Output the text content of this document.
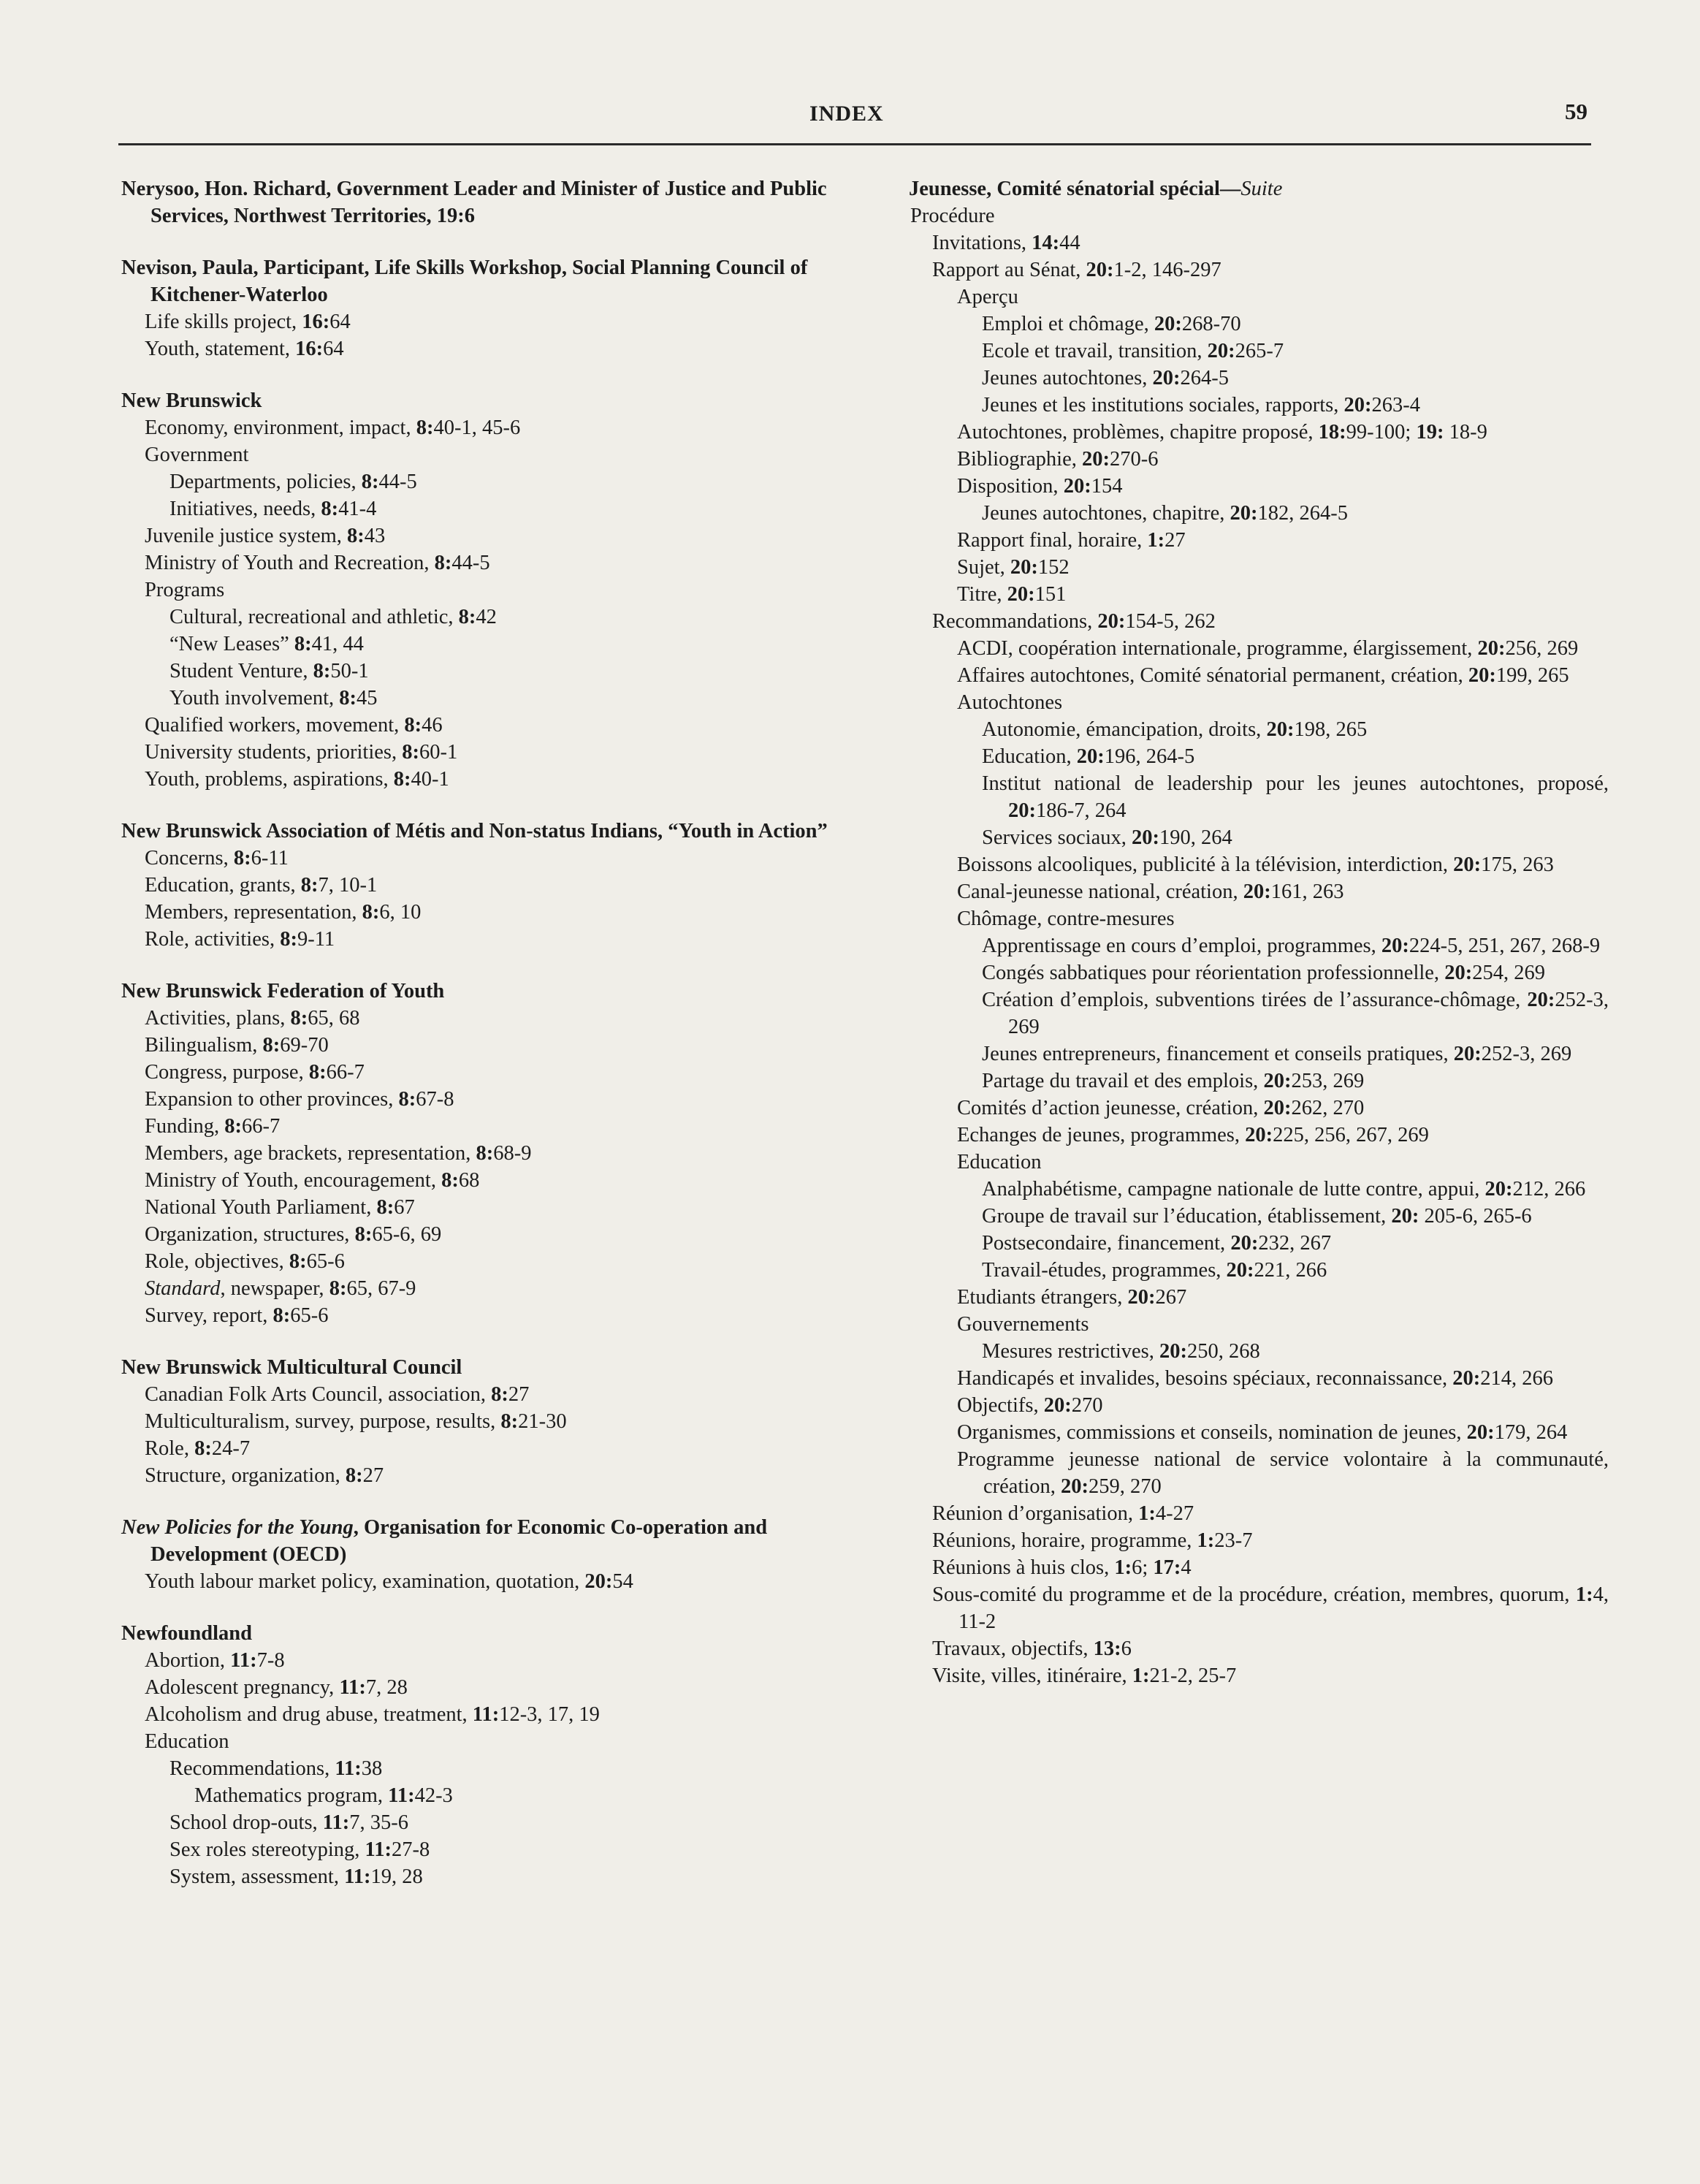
INDEX	59
Nerysoo, Hon. Richard, Government Leader and Minister of Justice and Public Services, Northwest Territories, 19:6
Nevison, Paula, Participant, Life Skills Workshop, Social Planning Council of Kitchener-Waterloo
Life skills project, 16:64
Youth, statement, 16:64
New Brunswick
Economy, environment, impact, 8:40-1, 45-6
Government
Departments, policies, 8:44-5
Initiatives, needs, 8:41-4
Juvenile justice system, 8:43
Ministry of Youth and Recreation, 8:44-5
Programs
Cultural, recreational and athletic, 8:42
“New Leases” 8:41, 44
Student Venture, 8:50-1
Youth involvement, 8:45
Qualified workers, movement, 8:46
University students, priorities, 8:60-1
Youth, problems, aspirations, 8:40-1
New Brunswick Association of Métis and Non-status Indians, “Youth in Action”
Concerns, 8:6-11
Education, grants, 8:7, 10-1
Members, representation, 8:6, 10
Role, activities, 8:9-11
New Brunswick Federation of Youth
Activities, plans, 8:65, 68
Bilingualism, 8:69-70
Congress, purpose, 8:66-7
Expansion to other provinces, 8:67-8
Funding, 8:66-7
Members, age brackets, representation, 8:68-9
Ministry of Youth, encouragement, 8:68
National Youth Parliament, 8:67
Organization, structures, 8:65-6, 69
Role, objectives, 8:65-6
Standard, newspaper, 8:65, 67-9
Survey, report, 8:65-6
New Brunswick Multicultural Council
Canadian Folk Arts Council, association, 8:27
Multiculturalism, survey, purpose, results, 8:21-30
Role, 8:24-7
Structure, organization, 8:27
New Policies for the Young, Organisation for Economic Co-operation and Development (OECD)
Youth labour market policy, examination, quotation, 20:54
Newfoundland
Abortion, 11:7-8
Adolescent pregnancy, 11:7, 28
Alcoholism and drug abuse, treatment, 11:12-3, 17, 19
Education
Recommendations, 11:38
Mathematics program, 11:42-3
School drop-outs, 11:7, 35-6
Sex roles stereotyping, 11:27-8
System, assessment, 11:19, 28
Jeunesse, Comité sénatorial spécial—Suite
Procédure
Invitations, 14:44
Rapport au Sénat, 20:1-2, 146-297
Aperçu
Emploi et chômage, 20:268-70
Ecole et travail, transition, 20:265-7
Jeunes autochtones, 20:264-5
Jeunes et les institutions sociales, rapports, 20:263-4
Autochtones, problèmes, chapitre proposé, 18:99-100; 19: 18-9
Bibliographie, 20:270-6
Disposition, 20:154
Jeunes autochtones, chapitre, 20:182, 264-5
Rapport final, horaire, 1:27
Sujet, 20:152
Titre, 20:151
Recommandations, 20:154-5, 262
ACDI, coopération internationale, programme, élargissement, 20:256, 269
Affaires autochtones, Comité sénatorial permanent, création, 20:199, 265
Autochtones
Autonomie, émancipation, droits, 20:198, 265
Education, 20:196, 264-5
Institut national de leadership pour les jeunes autochtones, proposé, 20:186-7, 264
Services sociaux, 20:190, 264
Boissons alcooliques, publicité à la télévision, interdiction, 20:175, 263
Canal-jeunesse national, création, 20:161, 263
Chômage, contre-mesures
Apprentissage en cours d’emploi, programmes, 20:224-5, 251, 267, 268-9
Congés sabbatiques pour réorientation professionnelle, 20:254, 269
Création d’emplois, subventions tirées de l’assurance-chômage, 20:252-3, 269
Jeunes entrepreneurs, financement et conseils pratiques, 20:252-3, 269
Partage du travail et des emplois, 20:253, 269
Comités d’action jeunesse, création, 20:262, 270
Echanges de jeunes, programmes, 20:225, 256, 267, 269
Education
Analphabétisme, campagne nationale de lutte contre, appui, 20:212, 266
Groupe de travail sur l’éducation, établissement, 20: 205-6, 265-6
Postsecondaire, financement, 20:232, 267
Travail-études, programmes, 20:221, 266
Etudiants étrangers, 20:267
Gouvernements
Mesures restrictives, 20:250, 268
Handicapés et invalides, besoins spéciaux, reconnaissance, 20:214, 266
Objectifs, 20:270
Organismes, commissions et conseils, nomination de jeunes, 20:179, 264
Programme jeunesse national de service volontaire à la communauté, création, 20:259, 270
Réunion d’organisation, 1:4-27
Réunions, horaire, programme, 1:23-7
Réunions à huis clos, 1:6; 17:4
Sous-comité du programme et de la procédure, création, membres, quorum, 1:4, 11-2
Travaux, objectifs, 13:6
Visite, villes, itinéraire, 1:21-2, 25-7
